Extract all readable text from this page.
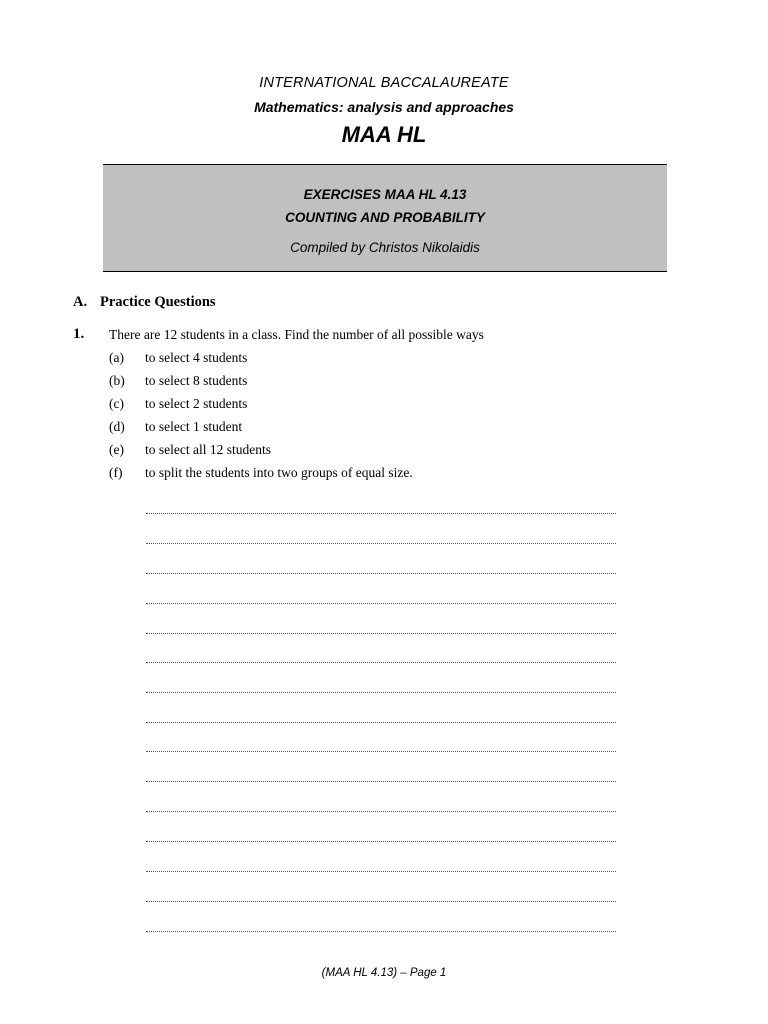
INTERNATIONAL BACCALAUREATE
Mathematics: analysis and approaches
MAA HL
EXERCISES MAA HL 4.13
COUNTING AND PROBABILITY
Compiled by Christos Nikolaidis
A. Practice Questions
1. There are 12 students in a class. Find the number of all possible ways
(a) to select 4 students
(b) to select 8 students
(c) to select 2 students
(d) to select 1 student
(e) to select all 12 students
(f) to split the students into two groups of equal size.
(MAA HL 4.13) – Page 1
